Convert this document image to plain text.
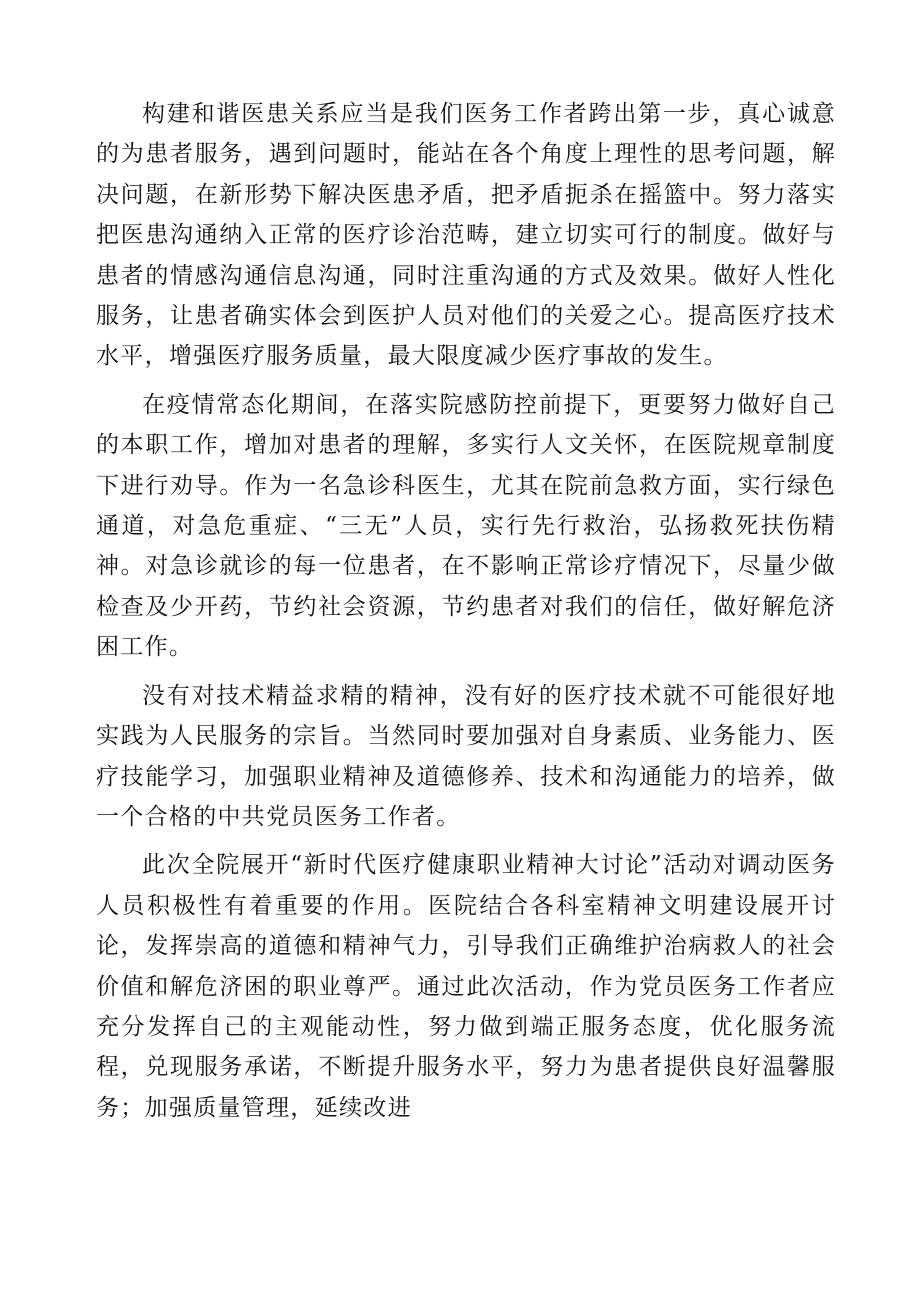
构建和谐医患关系应当是我们医务工作者跨出第一步，真心诚意的为患者服务，遇到问题时，能站在各个角度上理性的思考问题，解决问题，在新形势下解决医患矛盾，把矛盾扼杀在摇篮中。努力落实把医患沟通纳入正常的医疗诊治范畴，建立切实可行的制度。做好与患者的情感沟通信息沟通，同时注重沟通的方式及效果。做好人性化服务，让患者确实体会到医护人员对他们的关爱之心。提高医疗技术水平，增强医疗服务质量，最大限度减少医疗事故的发生。

在疫情常态化期间，在落实院感防控前提下，更要努力做好自己的本职工作，增加对患者的理解，多实行人文关怀，在医院规章制度下进行劝导。作为一名急诊科医生，尤其在院前急救方面，实行绿色通道，对急危重症、“三无”人员，实行先行救治，弘扬救死扶伤精神。对急诊就诊的每一位患者，在不影响正常诊疗情况下，尽量少做检查及少开药，节约社会资源，节约患者对我们的信任，做好解危济困工作。

没有对技术精益求精的精神，没有好的医疗技术就不可能很好地实践为人民服务的宗旨。当然同时要加强对自身素质、业务能力、医疗技能学习，加强职业精神及道德修养、技术和沟通能力的培养，做一个合格的中共党员医务工作者。

此次全院展开“新时代医疗健康职业精神大讨论”活动对调动医务人员积极性有着重要的作用。医院结合各科室精神文明建设展开讨论，发挥崇高的道德和精神气力，引导我们正确维护治病救人的社会价值和解危济困的职业尊严。通过此次活动，作为党员医务工作者应充分发挥自己的主观能动性，努力做到端正服务态度，优化服务流程，兑现服务承诺，不断提升服务水平，努力为患者提供良好温馨服务；加强质量管理，延续改进
